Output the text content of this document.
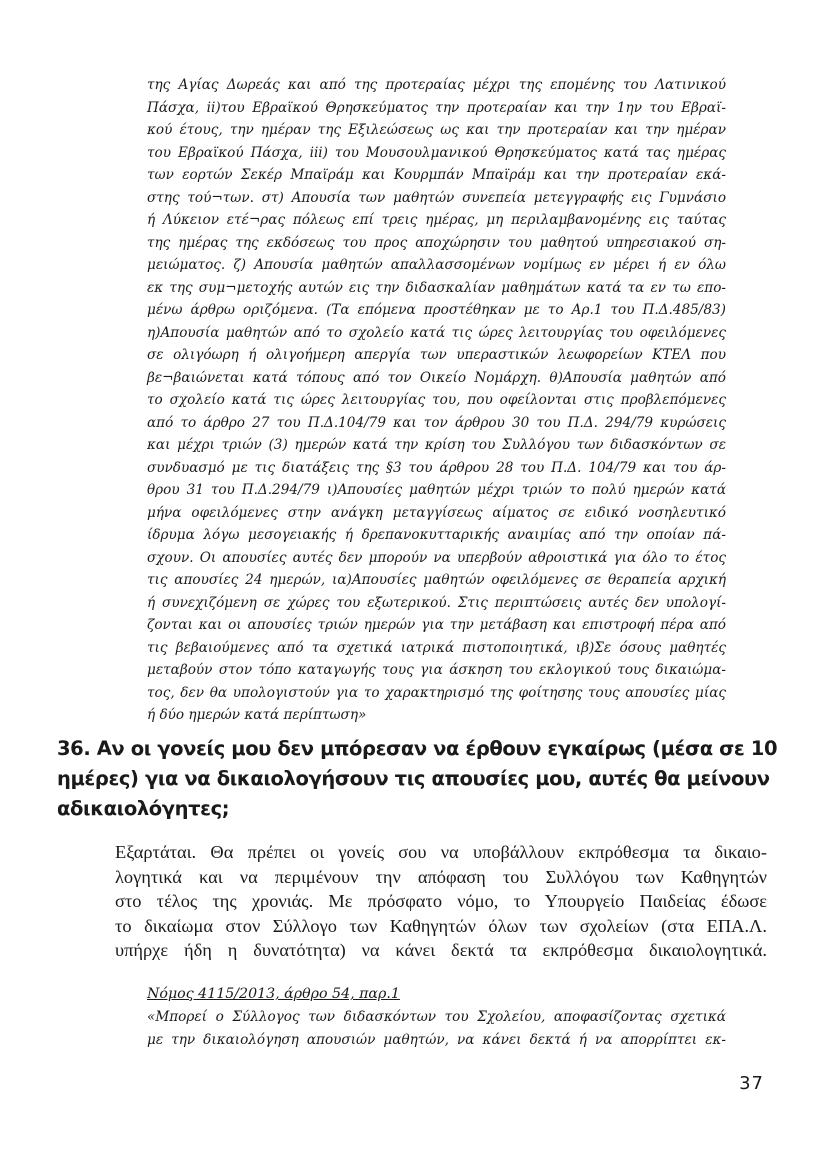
της Αγίας Δωρεάς και από της προτεραίας μέχρι της επομένης του Λατινικού
Πάσχα, ii)του Εβραϊκού Θρησκεύματος την προτεραίαν και την 1ην του Εβραϊ-
κού έτους, την ημέραν της Εξιλεώσεως ως και την προτεραίαν και την ημέραν
του Εβραϊκού Πάσχα, iii) του Μουσουλμανικού Θρησκεύματος κατά τας ημέρας
των εορτών Σεκέρ Μπαϊράμ και Κουρμπάν Μπαϊράμ και την προτεραίαν εκά-
στης τού¬των. στ) Απουσία των μαθητών συνεπεία μετεγγραφής εις Γυμνάσιο
ή Λύκειον ετέ¬ρας πόλεως επί τρεις ημέρας, μη περιλαμβανομένης εις ταύτας
της ημέρας της εκδόσεως του προς αποχώρησιν του μαθητού υπηρεσιακού ση-
μειώματος. ζ) Απουσία μαθητών απαλλασσομένων νομίμως εν μέρει ή εν όλω
εκ της συμ¬μετοχής αυτών εις την διδασκαλίαν μαθημάτων κατά τα εν τω επο-
μένω άρθρω οριζόμενα. (Τα επόμενα προστέθηκαν με το Αρ.1 του Π.Δ.485/83)
η)Απουσία μαθητών από το σχολείο κατά τις ώρες λειτουργίας του οφειλόμενες
σε ολιγόωρη ή ολιγοήμερη απεργία των υπεραστικών λεωφορείων ΚΤΕΛ που
βε¬βαιώνεται κατά τόπους από τον Οικείο Νομάρχη. θ)Απουσία μαθητών από
το σχολείο κατά τις ώρες λειτουργίας του, που οφείλονται στις προβλεπόμενες
από το άρθρο 27 του Π.Δ.104/79 και τον άρθρου 30 του Π.Δ. 294/79 κυρώσεις
και μέχρι τριών (3) ημερών κατά την κρίση του Συλλόγου των διδασκόντων σε
συνδυασμό με τις διατάξεις της §3 του άρθρου 28 του Π.Δ. 104/79 και του άρ-
θρου 31 του Π.Δ.294/79 ι)Απουσίες μαθητών μέχρι τριών το πολύ ημερών κατά
μήνα οφειλόμενες στην ανάγκη μεταγγίσεως αίματος σε ειδικό νοσηλευτικό
ίδρυμα λόγω μεσογειακής ή δρεπανοκυτταρικής αναιμίας από την οποίαν πά-
σχουν. Οι απουσίες αυτές δεν μπορούν να υπερβούν αθροιστικά για όλο το έτος
τις απουσίες 24 ημερών, ια)Απουσίες μαθητών οφειλόμενες σε θεραπεία αρχική
ή συνεχιζόμενη σε χώρες του εξωτερικού. Στις περιπτώσεις αυτές δεν υπολογί-
ζονται και οι απουσίες τριών ημερών για την μετάβαση και επιστροφή πέρα από
τις βεβαιούμενες από τα σχετικά ιατρικά πιστοποιητικά, ιβ)Σε όσους μαθητές
μεταβούν στον τόπο καταγωγής τους για άσκηση του εκλογικού τους δικαιώμα-
τος, δεν θα υπολογιστούν για το χαρακτηρισμό της φοίτησης τους απουσίες μίας
ή δύο ημερών κατά περίπτωση»
36. Αν οι γονείς μου δεν μπόρεσαν να έρθουν εγκαίρως (μέσα σε 10
ημέρες) για να δικαιολογήσουν τις απουσίες μου, αυτές θα μείνουν
αδικαιολόγητες;
Εξαρτάται. Θα πρέπει οι γονείς σου να υποβάλλουν εκπρόθεσμα τα δικαιο-
λογητικά και να περιμένουν την απόφαση του Συλλόγου των Καθηγητών
στο τέλος της χρονιάς. Με πρόσφατο νόμο, το Υπουργείο Παιδείας έδωσε
το δικαίωμα στον Σύλλογο των Καθηγητών όλων των σχολείων (στα ΕΠΑ.Λ.
υπήρχε ήδη η δυνατότητα) να κάνει δεκτά τα εκπρόθεσμα δικαιολογητικά.
Νόμος 4115/2013, άρθρο 54, παρ.1
«Μπορεί ο Σύλλογος των διδασκόντων του Σχολείου, αποφασίζοντας σχετικά
με την δικαιολόγηση απουσιών μαθητών, να κάνει δεκτά ή να απορρίπτει εκ-
37
